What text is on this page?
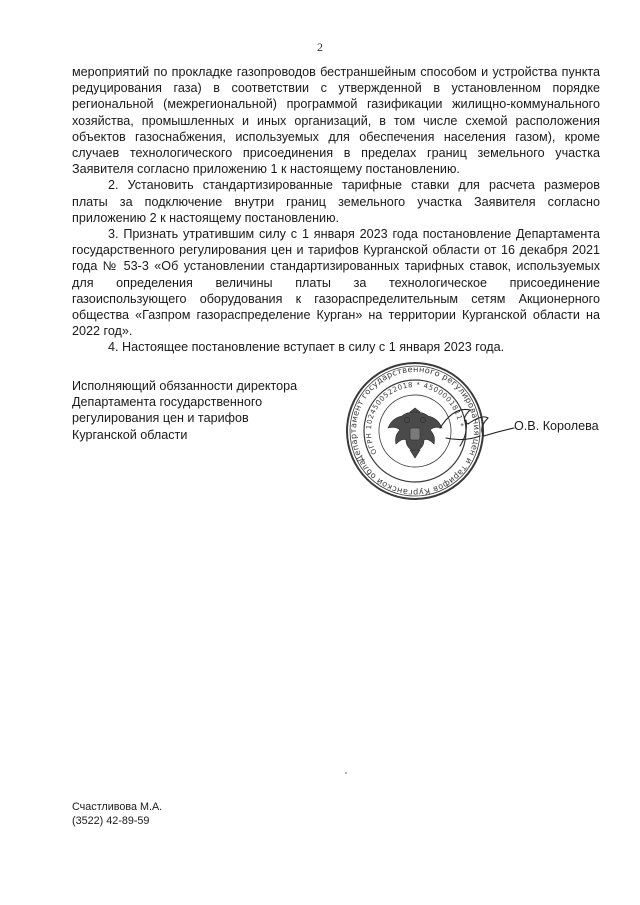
2

мероприятий по прокладке газопроводов бестраншейным способом и устройства пункта редуцирования газа) в соответствии с утвержденной в установленном порядке региональной (межрегиональной) программой газификации жилищно-коммунального хозяйства, промышленных и иных организаций, в том числе схемой расположения объектов газоснабжения, используемых для обеспечения населения газом), кроме случаев технологического присоединения в пределах границ земельного участка Заявителя согласно приложению 1 к настоящему постановлению.

2. Установить стандартизированные тарифные ставки для расчета размеров платы за подключение внутри границ земельного участка Заявителя согласно приложению 2 к настоящему постановлению.

3. Признать утратившим силу с 1 января 2023 года постановление Департамента государственного регулирования цен и тарифов Курганской области от 16 декабря 2021 года № 53-3 «Об установлении стандартизированных тарифных ставок, используемых для определения величины платы за технологическое присоединение газоиспользующего оборудования к газораспределительным сетям Акционерного общества «Газпром газораспределение Курган» на территории Курганской области на 2022 год».

4. Настоящее постановление вступает в силу с 1 января 2023 года.

Исполняющий обязанности директора
Департамента государственного
регулирования цен и тарифов
Курганской области
Департамент государственного регулирования цен и тарифов Курганской области
ОГРН 1024500522018 * 4500001811 *	О.В. Королева
Счастливова М.А.
(3522) 42-89-59
